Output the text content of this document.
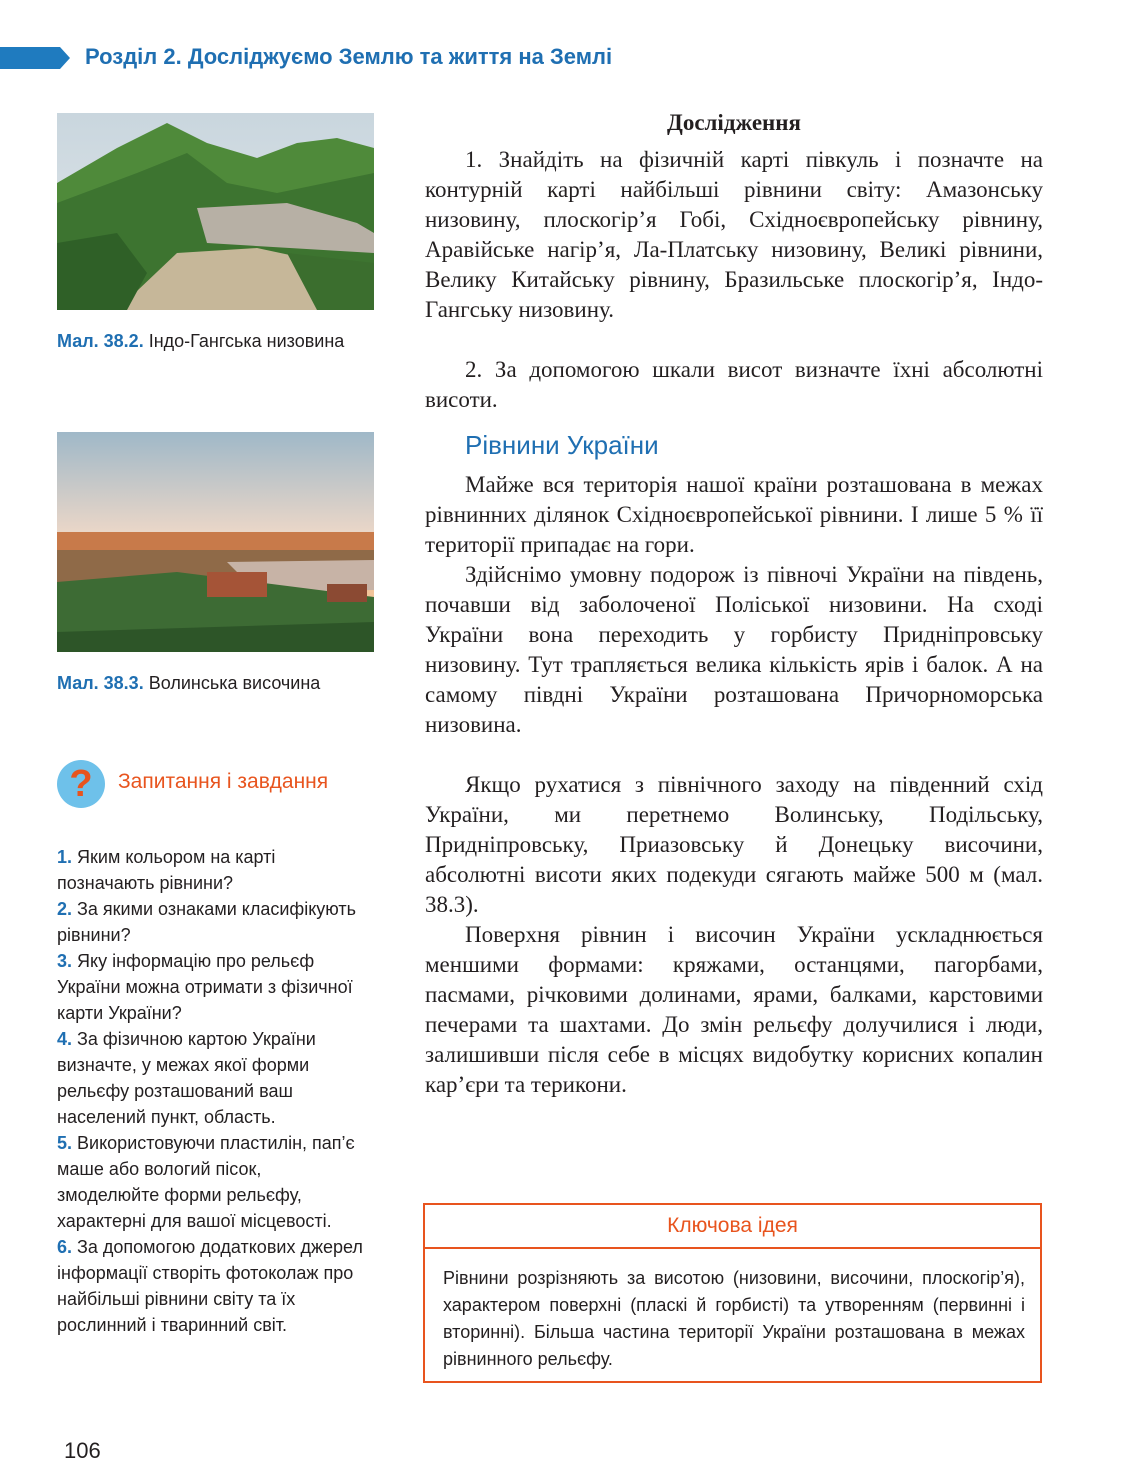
Розділ 2. Досліджуємо Землю та життя на Землі
Мал. 38.2. Індо-Гангська низовина
Мал. 38.3. Волинська височина
?	Запитання і завдання

1. Яким кольором на карті позначають рівнини?

2. За якими ознаками класифікують рівнини?

3. Яку інформацію про рельєф України можна отримати з фізичної карти України?

4. За фізичною картою України визначте, у межах якої форми рельєфу розташований ваш населений пункт, область.

5. Використовуючи пластилін, пап’є маше або вологий пісок, змоделюйте форми рельєфу, характерні для вашої місцевості.

6. За допомогою додаткових джерел інформації створіть фотоколаж про найбільші рівнини світу та їх рослинний і тваринний світ.

Дослідження

1. Знайдіть на фізичній карті півкуль і позначте на контурній карті найбільші рівнини світу: Амазонську низовину, плоскогір’я Гобі, Східноєвропейську рівнину, Аравійське нагір’я, Ла-Платську низовину, Великі рівнини, Велику Китайську рівнину, Бразильське плоскогір’я, Індо-Гангську низовину.

2. За допомогою шкали висот визначте їхні абсолютні висоти.

Рівнини України

Майже вся територія нашої країни розташована в межах рівнинних ділянок Східноєвропейської рівнини. І лише 5 % її території припадає на гори.

Здійснімо умовну подорож із півночі України на південь, почавши від заболоченої Поліської низовини. На сході України вона переходить у горбисту Придніпровську низовину. Тут трапляється велика кількість ярів і балок. А на самому півдні України розташована Причорноморська низовина.

Якщо рухатися з північного заходу на південний схід України, ми перетнемо Волинську, Подільську, Придніпровську, Приазовську й Донецьку височини, абсолютні висоти яких подекуди сягають майже 500 м (мал. 38.3).

Поверхня рівнин і височин України ускладнюється меншими формами: кряжами, останцями, пагорбами, пасмами, річковими долинами, ярами, балками, карстовими печерами та шахтами. До змін рельєфу долучилися і люди, залишивши після себе в місцях видобутку корисних копалин кар’єри та терикони.

Ключова ідея
Рівнини розрізняють за висотою (низовини, височини, плоскогір’я), характером поверхні (пласкі й горбисті) та утворенням (первинні і вторинні). Більша частина території України розташована в межах рівнинного рельєфу.
106
